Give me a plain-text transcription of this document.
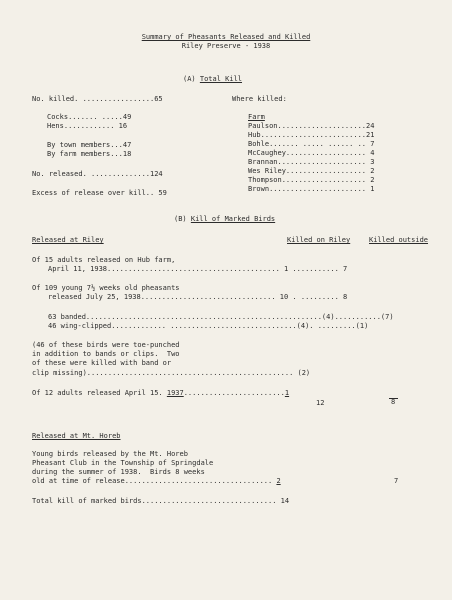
Summary of Pheasants Released and Killed
Riley Preserve - 1938
(A) Total Kill
No. killed. .................65
Cocks....... .....49
Hens............ 16
By town members...47
By farm members...18
No. released. ..............124
Excess of release over kill.. 59
Where killed:
Farm
Paulson.....................24
Hub.........................21
Bohle....... ..... ...... .. 7
McCaughey................... 4
Brannan..................... 3
Wes Riley................... 2
Thompson.................... 2
Brown....................... 1
(B) Kill of Marked Birds
Released at Riley	Killed on Riley	Killed outside
Of 15 adults released on Hub farm,
April 11, 1938......................................... 1 ........... 7
Of 109 young 7½ weeks old pheasants
released July 25, 1938................................ 10 . ......... 8
63 banded........................................................(4)...........(7)
46 wing-clipped............. ..............................(4). .........(1)
(46 of these birds were toe-punched
in addition to bands or clips.  Two
of these were killed with band or
clip missing)................................................. (2)
Of 12 adults released April 15. 1937........................1
12	8
Released at Mt. Horeb
Young birds released by the Mt. Horeb
Pheasant Club in the Township of Springdale
during the summer of 1938.  Birds 8 weeks
old at time of release................................... 2	7
Total kill of marked birds................................ 14
